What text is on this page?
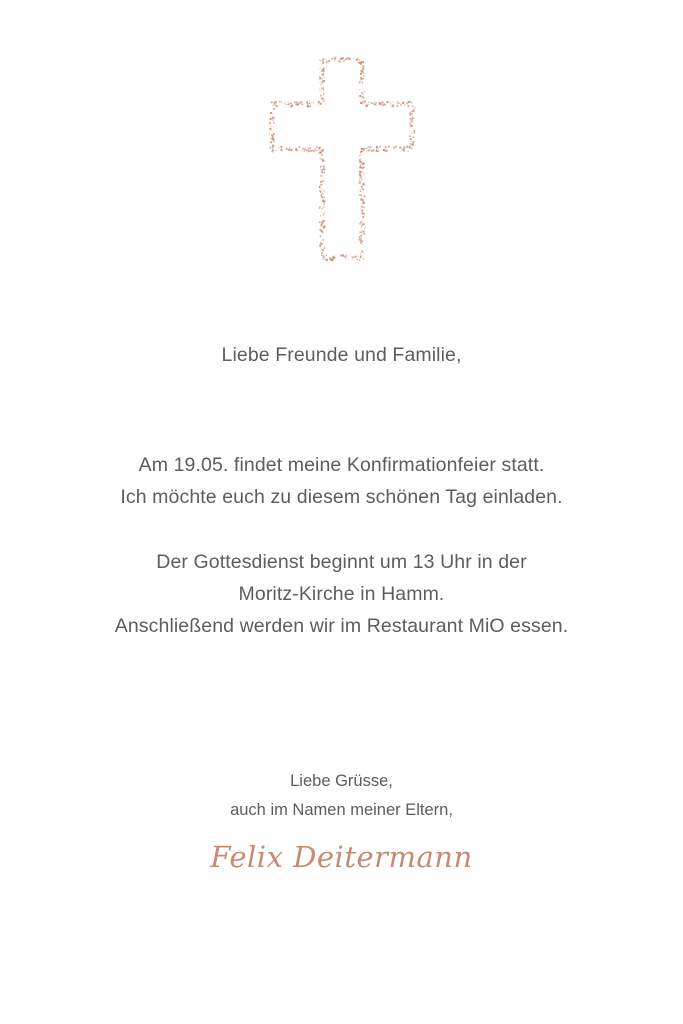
Liebe Freunde und Familie,
Am 19.05. findet meine Konfirmationfeier statt.
Ich möchte euch zu diesem schönen Tag einladen.
Der Gottesdienst beginnt um 13 Uhr in der
Moritz-Kirche in Hamm.
Anschließend werden wir im Restaurant MiO essen.
Liebe Grüsse,
auch im Namen meiner Eltern,
Felix Deitermann
